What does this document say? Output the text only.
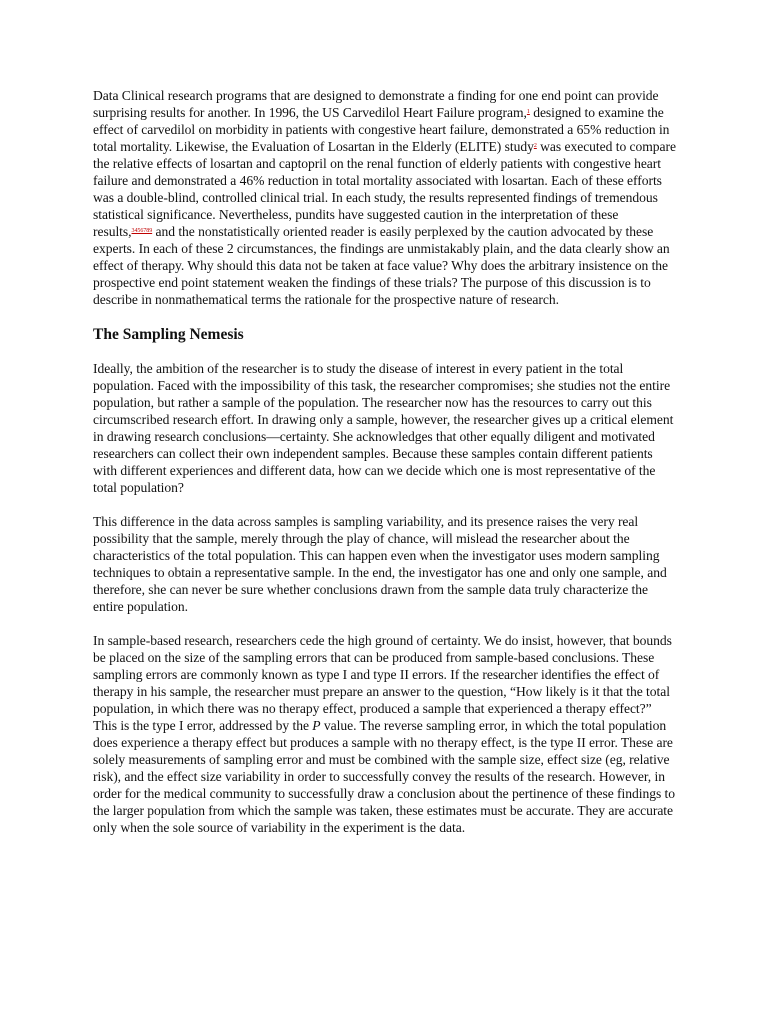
Data Clinical research programs that are designed to demonstrate a finding for one end point can provide surprising results for another. In 1996, the US Carvedilol Heart Failure program,$^1$ designed to examine the effect of carvedilol on morbidity in patients with congestive heart failure, demonstrated a 65% reduction in total mortality. Likewise, the Evaluation of Losartan in the Elderly (ELITE) study$^2$ was executed to compare the relative effects of losartan and captopril on the renal function of elderly patients with congestive heart failure and demonstrated a 46% reduction in total mortality associated with losartan. Each of these efforts was a double-blind, controlled clinical trial. In each study, the results represented findings of tremendous statistical significance. Nevertheless, pundits have suggested caution in the interpretation of these results,$^{3456789}$ and the nonstatistically oriented reader is easily perplexed by the caution advocated by these experts. In each of these 2 circumstances, the findings are unmistakably plain, and the data clearly show an effect of therapy. Why should this data not be taken at face value? Why does the arbitrary insistence on the prospective end point statement weaken the findings of these trials? The purpose of this discussion is to describe in nonmathematical terms the rationale for the prospective nature of research.

The Sampling Nemesis

Ideally, the ambition of the researcher is to study the disease of interest in every patient in the total population. Faced with the impossibility of this task, the researcher compromises; she studies not the entire population, but rather a sample of the population. The researcher now has the resources to carry out this circumscribed research effort. In drawing only a sample, however, the researcher gives up a critical element in drawing research conclusions—certainty. She acknowledges that other equally diligent and motivated researchers can collect their own independent samples. Because these samples contain different patients with different experiences and different data, how can we decide which one is most representative of the total population?

This difference in the data across samples is sampling variability, and its presence raises the very real possibility that the sample, merely through the play of chance, will mislead the researcher about the characteristics of the total population. This can happen even when the investigator uses modern sampling techniques to obtain a representative sample. In the end, the investigator has one and only one sample, and therefore, she can never be sure whether conclusions drawn from the sample data truly characterize the entire population.

In sample-based research, researchers cede the high ground of certainty. We do insist, however, that bounds be placed on the size of the sampling errors that can be produced from sample-based conclusions. These sampling errors are commonly known as type I and type II errors. If the researcher identifies the effect of therapy in his sample, the researcher must prepare an answer to the question, “How likely is it that the total population, in which there was no therapy effect, produced a sample that experienced a therapy effect?” This is the type I error, addressed by the P value. The reverse sampling error, in which the total population does experience a therapy effect but produces a sample with no therapy effect, is the type II error. These are solely measurements of sampling error and must be combined with the sample size, effect size (eg, relative risk), and the effect size variability in order to successfully convey the results of the research. However, in order for the medical community to successfully draw a conclusion about the pertinence of these findings to the larger population from which the sample was taken, these estimates must be accurate. They are accurate only when the sole source of variability in the experiment is the data.
